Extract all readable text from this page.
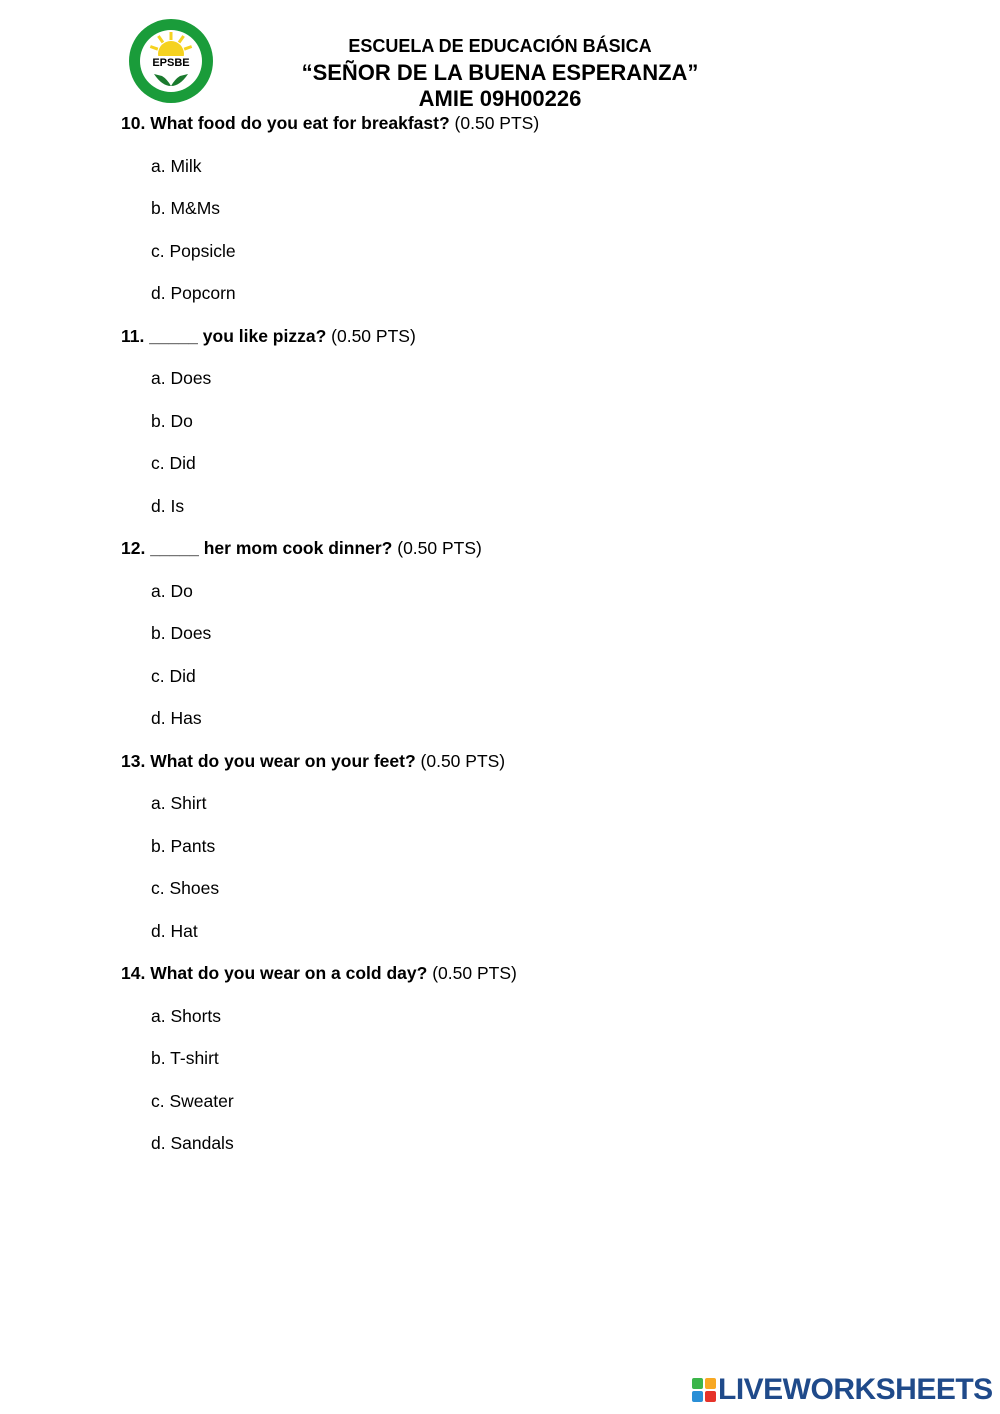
EPSBE
ESCUELA DE EDUCACIÓN BÁSICA
“SEÑOR DE LA BUENA ESPERANZA”
AMIE 09H00226

10. What food do you eat for breakfast? (0.50 PTS)

a. Milk

b. M&Ms

c. Popsicle

d. Popcorn

11. _____ you like pizza? (0.50 PTS)

a. Does

b. Do

c. Did

d. Is

12. _____ her mom cook dinner? (0.50 PTS)

a. Do

b. Does

c. Did

d. Has

13. What do you wear on your feet? (0.50 PTS)

a. Shirt

b. Pants

c. Shoes

d. Hat

14. What do you wear on a cold day? (0.50 PTS)

a. Shorts

b. T-shirt

c. Sweater

d. Sandals

LIVEWORKSHEETS
